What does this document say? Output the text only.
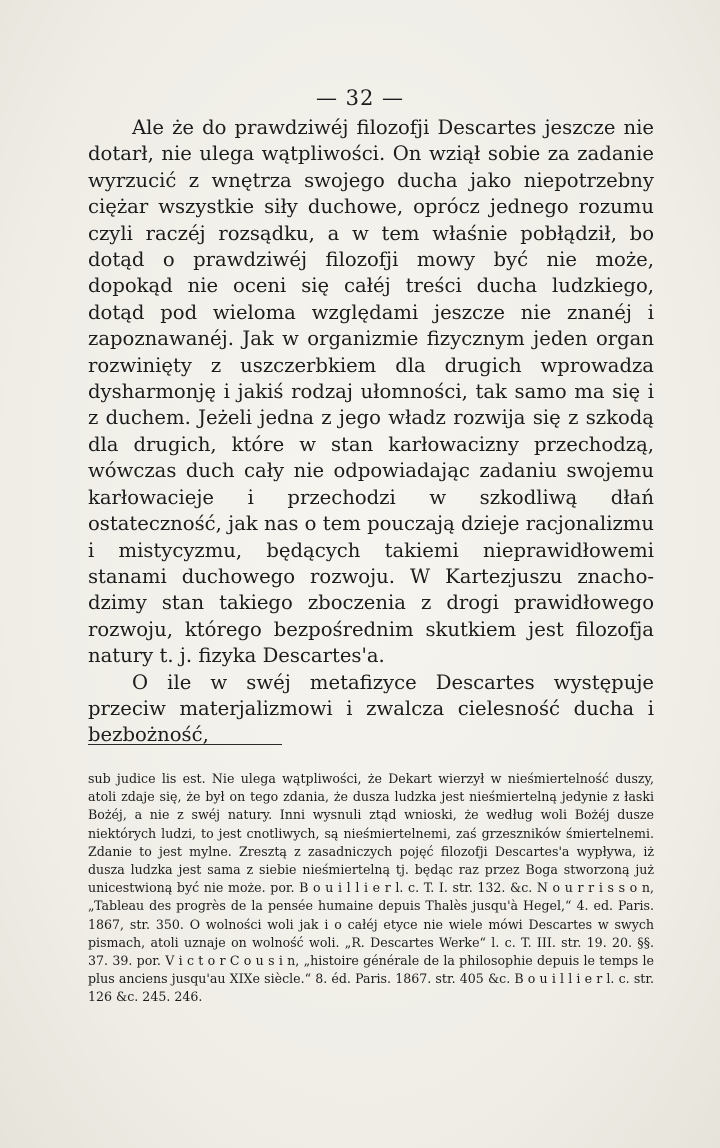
— 32 —

Ale że do prawdziwéj filozofji Descartes jeszcze nie dotarł, nie ulega wątpliwości. On wziął sobie za zadanie wyrzucić z wnętrza swojego ducha jako niepotrzebny ciężar wszystkie siły duchowe, oprócz jednego rozumu czyli raczéj rozsądku, a w tem właśnie pobłądził, bo dotąd o prawdziwéj filozofji mowy być nie może, dopokąd nie oceni się całéj treści ducha ludzkiego, dotąd pod wieloma względami jeszcze nie znanéj i zapoznawanéj. Jak w organizmie fizycznym jeden organ rozwinięty z uszczerbkiem dla drugich wprowadza dysharmonję i jakiś rodzaj ułomności, tak samo ma się i z duchem. Jeżeli jedna z jego władz rozwija się z szkodą dla drugich, które w stan karłowacizny przechodzą, wówczas duch cały nie odpowiadając zadaniu swojemu karłowacieje i przechodzi w szkodliwą dłań ostateczność, jak nas o tem pouczają dzieje racjonalizmu i mistycyzmu, będących takiemi nieprawidłowemi stanami duchowego rozwoju. W Kartezjuszu znachodzimy stan takiego zboczenia z drogi prawidłowego rozwoju, którego bezpośrednim skutkiem jest filozofja natury t. j. fizyka Descartes'a.

O ile w swéj metafizyce Descartes występuje przeciw materjalizmowi i zwalcza cielesność ducha i bezbożność,

sub judice lis est. Nie ulega wątpliwości, że Dekart wierzył w nieśmiertelność duszy, atoli zdaje się, że był on tego zdania, że dusza ludzka jest nieśmiertelną jedynie z łaski Bożéj, a nie z swéj natury. Inni wysnuli ztąd wnioski, że według woli Bożéj dusze niektórych ludzi, to jest cnotliwych, są nieśmiertelnemi, zaś grzeszników śmiertelnemi. Zdanie to jest mylne. Zresztą z zasadniczych pojęć filozofji Descartes'a wypływa, iż dusza ludzka jest sama z siebie nieśmiertelną tj. będąc raz przez Boga stworzoną już unicestwioną być nie może. por. B o u i l l i e r l. c. T. I. str. 132. &c. N o u r r i s s o n, „Tableau des progrès de la pensée humaine depuis Thalès jusqu'à Hegel,“ 4. ed. Paris. 1867, str. 350. O wolności woli jak i o całéj etyce nie wiele mówi Descartes w swych pismach, atoli uznaje on wolność woli. „R. Descartes Werke“ l. c. T. III. str. 19. 20. §§. 37. 39. por. V i c t o r C o u s i n, „histoire générale de la philosophie depuis le temps le plus anciens jusqu'au XIXe siècle.“ 8. éd. Paris. 1867. str. 405 &c. B o u i l l i e r l. c. str. 126 &c. 245. 246.
